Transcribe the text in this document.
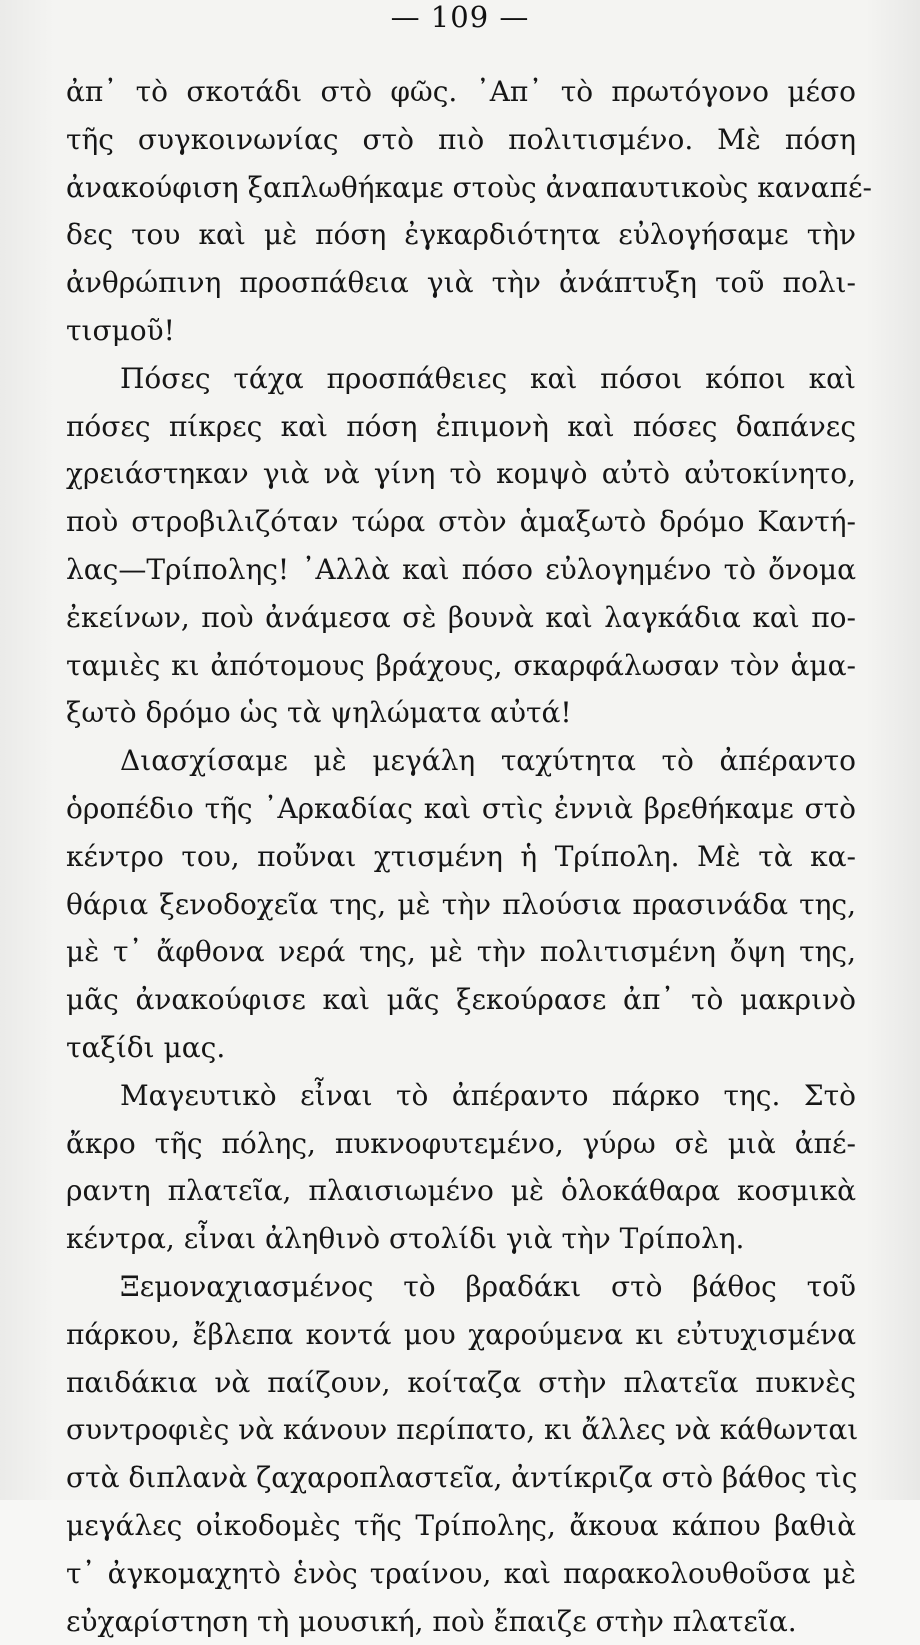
— 109 —
ἀπ᾽ τὸ σκοτάδι στὸ φῶς. ᾽Απ᾽ τὸ πρωτόγονο μέσο
τῆς συγκοινωνίας στὸ πιὸ πολιτισμένο. Μὲ πόση
ἀνακούφιση ξαπλωθήκαμε στοὺς ἀναπαυτικοὺς καναπέ-
δες του καὶ μὲ πόση ἐγκαρδιότητα εὐλογήσαμε τὴν
ἀνθρώπινη προσπάθεια γιὰ τὴν ἀνάπτυξη τοῦ πολι-
τισμοῦ!
Πόσες τάχα προσπάθειες καὶ πόσοι κόποι καὶ
πόσες πίκρες καὶ πόση ἐπιμονὴ καὶ πόσες δαπάνες
χρειάστηκαν γιὰ νὰ γίνη τὸ κομψὸ αὐτὸ αὐτοκίνητο,
ποὺ στροβιλιζόταν τώρα στὸν ἁμαξωτὸ δρόμο Καντή-
λας—Τρίπολης! ᾽Αλλὰ καὶ πόσο εὐλογημένο τὸ ὄνομα
ἐκείνων, ποὺ ἀνάμεσα σὲ βουνὰ καὶ λαγκάδια καὶ πο-
ταμιὲς κι ἀπότομους βράχους, σκαρφάλωσαν τὸν ἁμα-
ξωτὸ δρόμο ὡς τὰ ψηλώματα αὐτά!
Διασχίσαμε μὲ μεγάλη ταχύτητα τὸ ἀπέραντο
ὁροπέδιο τῆς ᾽Αρκαδίας καὶ στὶς ἐννιὰ βρεθήκαμε στὸ
κέντρο του, ποὔναι χτισμένη ἡ Τρίπολη. Μὲ τὰ κα-
θάρια ξενοδοχεῖα της, μὲ τὴν πλούσια πρασινάδα της,
μὲ τ᾽ ἄφθονα νερά της, μὲ τὴν πολιτισμένη ὄψη της,
μᾶς ἀνακούφισε καὶ μᾶς ξεκούρασε ἀπ᾽ τὸ μακρινὸ
ταξίδι μας.
Μαγευτικὸ εἶναι τὸ ἀπέραντο πάρκο της. Στὸ
ἄκρο τῆς πόλης, πυκνοφυτεμένο, γύρω σὲ μιὰ ἀπέ-
ραντη πλατεῖα, πλαισιωμένο μὲ ὁλοκάθαρα κοσμικὰ
κέντρα, εἶναι ἀληθινὸ στολίδι γιὰ τὴν Τρίπολη.
Ξεμοναχιασμένος τὸ βραδάκι στὸ βάθος τοῦ
πάρκου, ἔβλεπα κοντά μου χαρούμενα κι εὐτυχισμένα
παιδάκια νὰ παίζουν, κοίταζα στὴν πλατεῖα πυκνὲς
συντροφιὲς νὰ κάνουν περίπατο, κι ἄλλες νὰ κάθωνται
στὰ διπλανὰ ζαχαροπλαστεῖα, ἀντίκριζα στὸ βάθος τὶς
μεγάλες οἰκοδομὲς τῆς Τρίπολης, ἄκουα κάπου βαθιὰ
τ᾽ ἀγκομαχητὸ ἑνὸς τραίνου, καὶ παρακολουθοῦσα μὲ
εὐχαρίστηση τὴ μουσική, ποὺ ἔπαιζε στὴν πλατεῖα.
